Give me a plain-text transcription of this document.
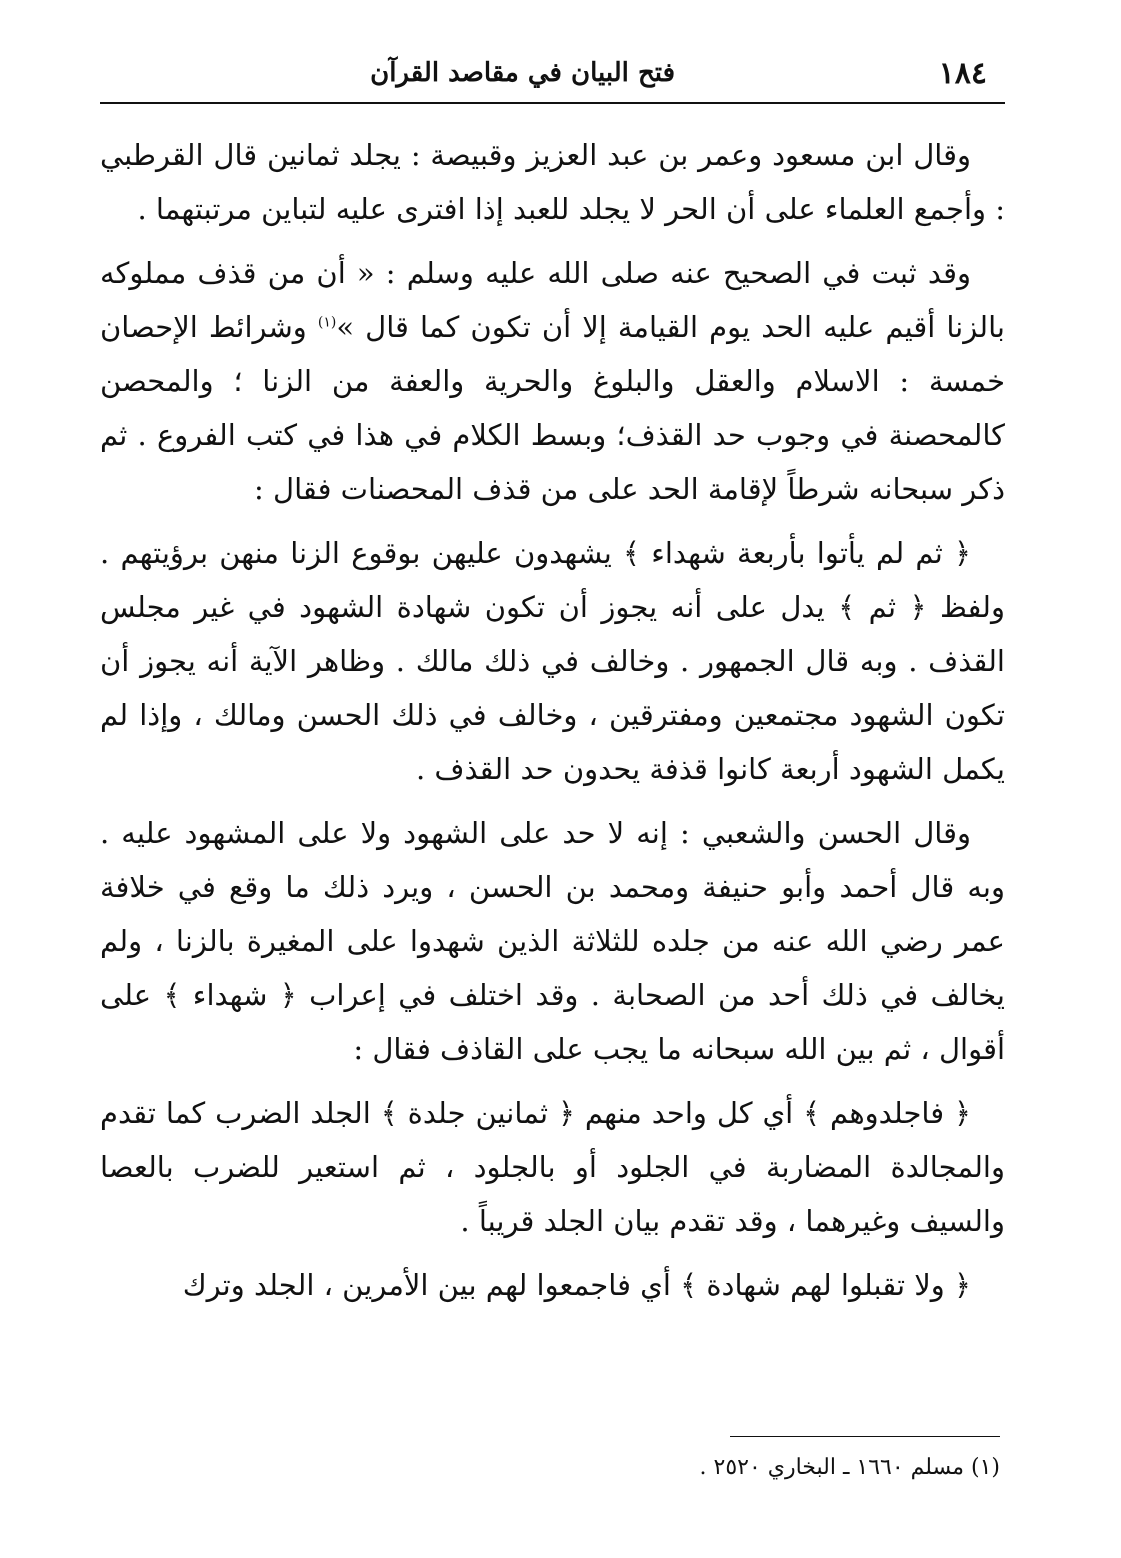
١٨٤
فتح البيان في مقاصد القرآن

وقال ابن مسعود وعمر بن عبد العزيز وقبيصة : يجلد ثمانين قال القرطبي : وأجمع العلماء على أن الحر لا يجلد للعبد إذا افترى عليه لتباين مرتبتهما .

وقد ثبت في الصحيح عنه صلى الله عليه وسلم : « أن من قذف مملوكه بالزنا أقيم عليه الحد يوم القيامة إلا أن تكون كما قال »$^{(١)}$ وشرائط الإحصان خمسة : الاسلام والعقل والبلوغ والحرية والعفة من الزنا ؛ والمحصن كالمحصنة في وجوب حد القذف؛ وبسط الكلام في هذا في كتب الفروع . ثم ذكر سبحانه شرطاً لإقامة الحد على من قذف المحصنات فقال :

﴿ ثم لم يأتوا بأربعة شهداء ﴾ يشهدون عليهن بوقوع الزنا منهن برؤيتهم . ولفظ ﴿ ثم ﴾ يدل على أنه يجوز أن تكون شهادة الشهود في غير مجلس القذف . وبه قال الجمهور . وخالف في ذلك مالك . وظاهر الآية أنه يجوز أن تكون الشهود مجتمعين ومفترقين ، وخالف في ذلك الحسن ومالك ، وإذا لم يكمل الشهود أربعة كانوا قذفة يحدون حد القذف .

وقال الحسن والشعبي : إنه لا حد على الشهود ولا على المشهود عليه . وبه قال أحمد وأبو حنيفة ومحمد بن الحسن ، ويرد ذلك ما وقع في خلافة عمر رضي الله عنه من جلده للثلاثة الذين شهدوا على المغيرة بالزنا ، ولم يخالف في ذلك أحد من الصحابة . وقد اختلف في إعراب ﴿ شهداء ﴾ على أقوال ، ثم بين الله سبحانه ما يجب على القاذف فقال :

﴿ فاجلدوهم ﴾ أي كل واحد منهم ﴿ ثمانين جلدة ﴾ الجلد الضرب كما تقدم والمجالدة المضاربة في الجلود أو بالجلود ، ثم استعير للضرب بالعصا والسيف وغيرهما ، وقد تقدم بيان الجلد قريباً .

﴿ ولا تقبلوا لهم شهادة ﴾ أي فاجمعوا لهم بين الأمرين ، الجلد وترك

(١) مسلم ١٦٦٠ ـ البخاري ٢٥٢٠ .
